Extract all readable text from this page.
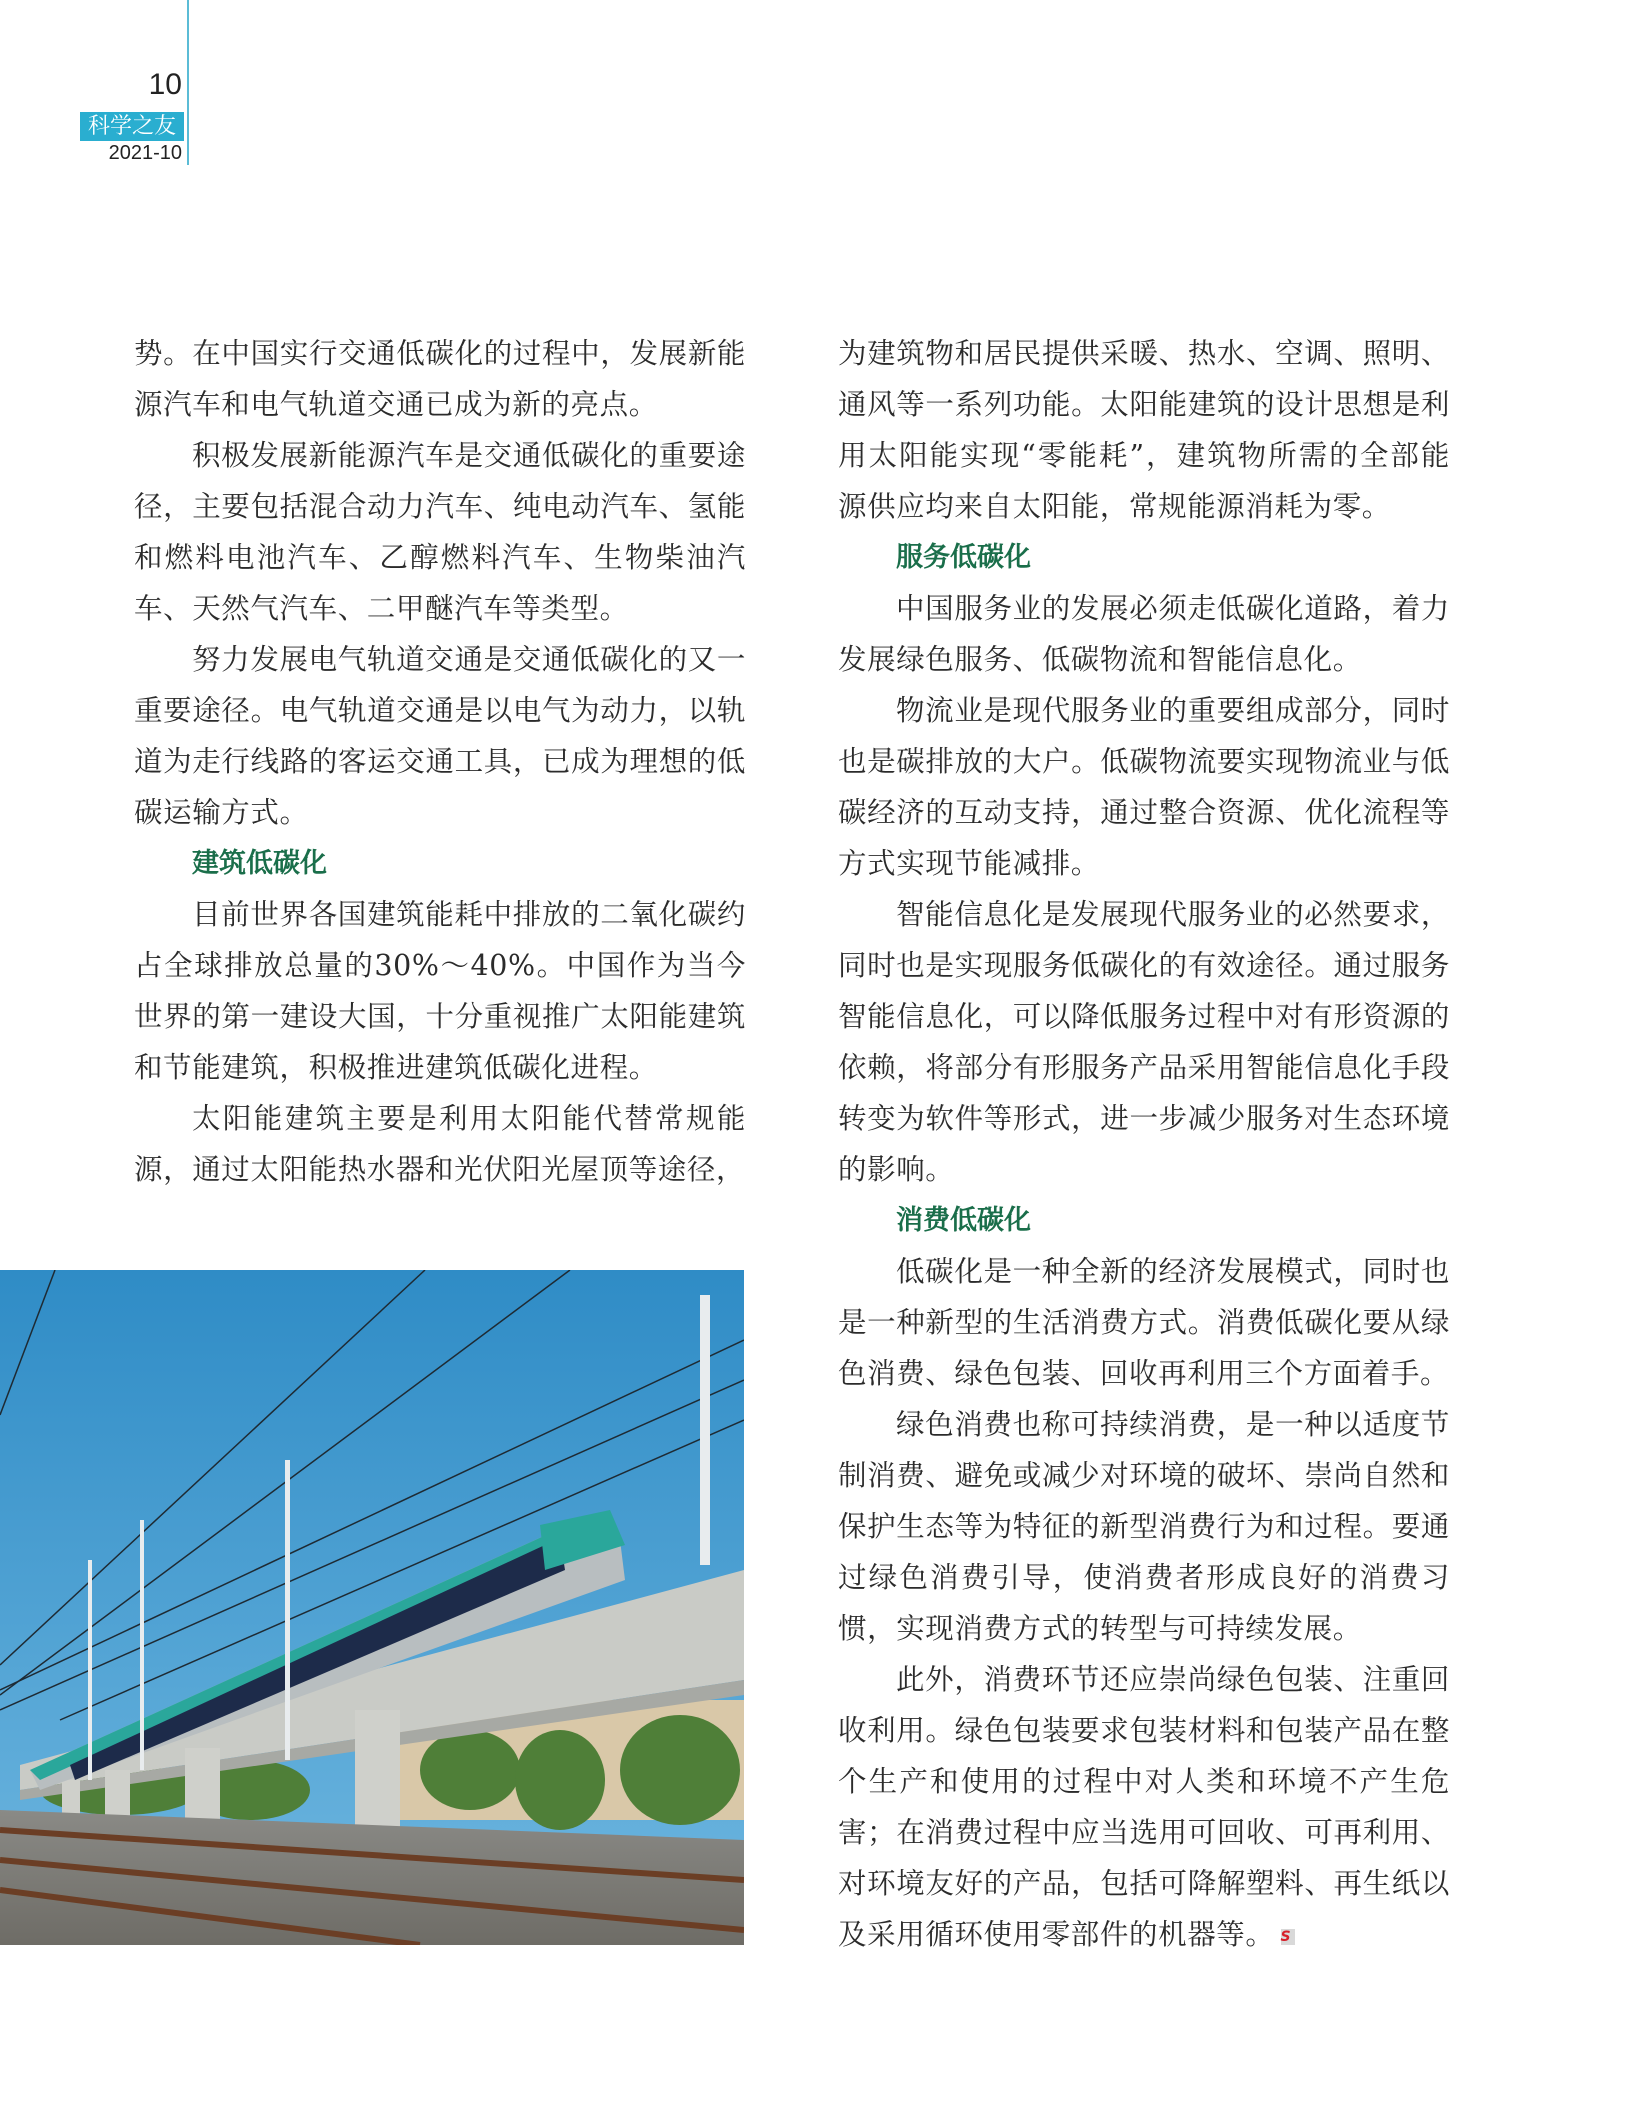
10
科学之友
2021-10

势。在中国实行交通低碳化的过程中，发展新能源汽车和电气轨道交通已成为新的亮点。

积极发展新能源汽车是交通低碳化的重要途径，主要包括混合动力汽车、纯电动汽车、氢能和燃料电池汽车、乙醇燃料汽车、生物柴油汽车、天然气汽车、二甲醚汽车等类型。

努力发展电气轨道交通是交通低碳化的又一重要途径。电气轨道交通是以电气为动力，以轨道为走行线路的客运交通工具，已成为理想的低碳运输方式。

建筑低碳化

目前世界各国建筑能耗中排放的二氧化碳约占全球排放总量的30%～40%。中国作为当今世界的第一建设大国，十分重视推广太阳能建筑和节能建筑，积极推进建筑低碳化进程。

太阳能建筑主要是利用太阳能代替常规能源，通过太阳能热水器和光伏阳光屋顶等途径，

为建筑物和居民提供采暖、热水、空调、照明、通风等一系列功能。太阳能建筑的设计思想是利用太阳能实现“零能耗”，建筑物所需的全部能源供应均来自太阳能，常规能源消耗为零。

服务低碳化

中国服务业的发展必须走低碳化道路，着力发展绿色服务、低碳物流和智能信息化。

物流业是现代服务业的重要组成部分，同时也是碳排放的大户。低碳物流要实现物流业与低碳经济的互动支持，通过整合资源、优化流程等方式实现节能减排。

智能信息化是发展现代服务业的必然要求，同时也是实现服务低碳化的有效途径。通过服务智能信息化，可以降低服务过程中对有形资源的依赖，将部分有形服务产品采用智能信息化手段转变为软件等形式，进一步减少服务对生态环境的影响。

消费低碳化

低碳化是一种全新的经济发展模式，同时也是一种新型的生活消费方式。消费低碳化要从绿色消费、绿色包装、回收再利用三个方面着手。

绿色消费也称可持续消费，是一种以适度节制消费、避免或减少对环境的破坏、崇尚自然和保护生态等为特征的新型消费行为和过程。要通过绿色消费引导，使消费者形成良好的消费习惯，实现消费方式的转型与可持续发展。

此外，消费环节还应崇尚绿色包装、注重回收利用。绿色包装要求包装材料和包装产品在整个生产和使用的过程中对人类和环境不产生危害；在消费过程中应当选用可回收、可再利用、对环境友好的产品，包括可降解塑料、再生纸以及采用循环使用零部件的机器等。 S
